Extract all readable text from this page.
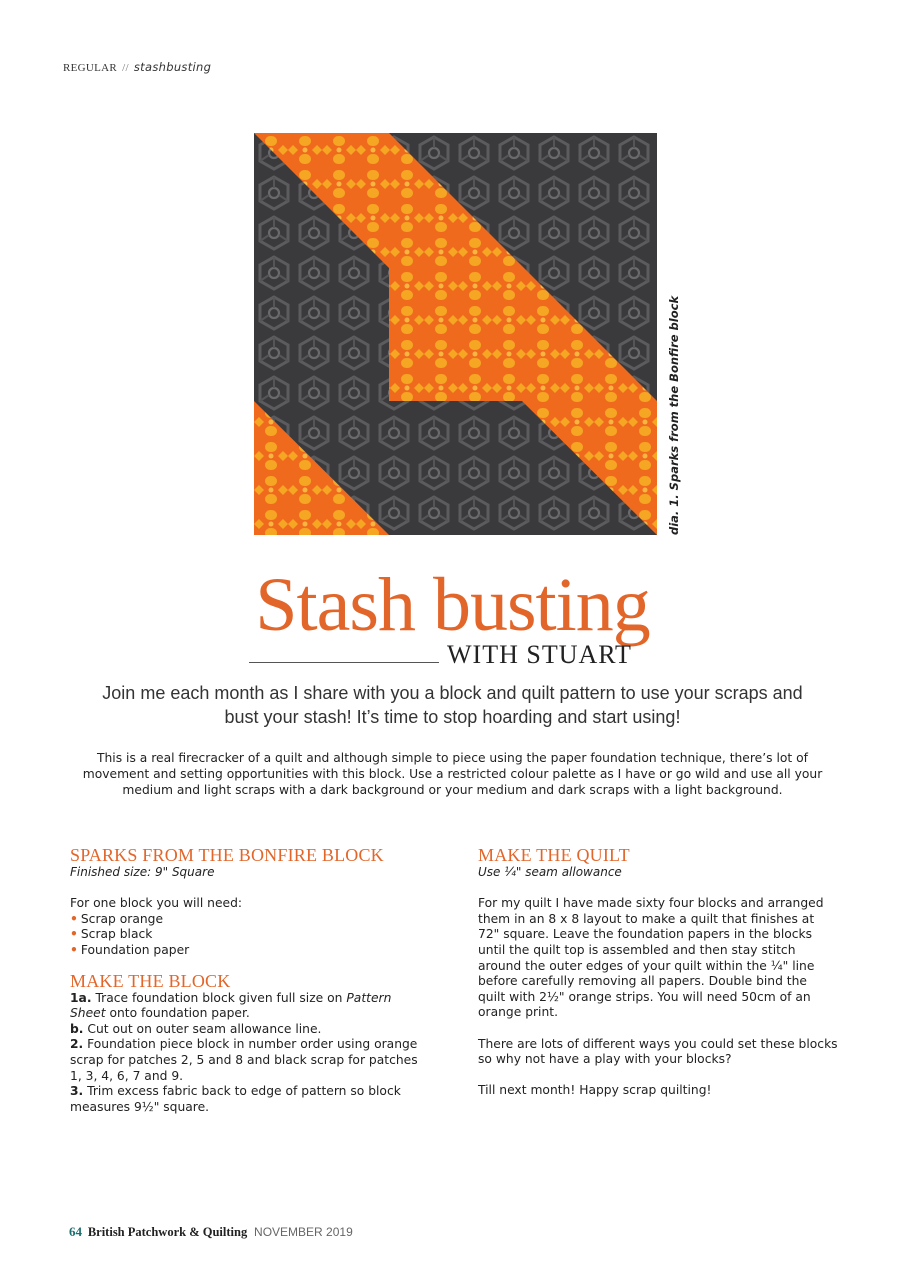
REGULAR // stashbusting
dia. 1. Sparks from the Bonfire block
Stash busting
WITH STUART
Join me each month as I share with you a block and quilt pattern to use your scraps and bust your stash! It’s time to stop hoarding and start using!
This is a real firecracker of a quilt and although simple to piece using the paper foundation technique, there’s lot of movement and setting opportunities with this block. Use a restricted colour palette as I have or go wild and use all your medium and light scraps with a dark background or your medium and dark scraps with a light background.
SPARKS FROM THE BONFIRE BLOCK
Finished size: 9" Square
For one block you will need:
• Scrap orange
• Scrap black
• Foundation paper
MAKE THE BLOCK
1a. Trace foundation block given full size on Pattern Sheet onto foundation paper.
b. Cut out on outer seam allowance line.
2. Foundation piece block in number order using orange scrap for patches 2, 5 and 8 and black scrap for patches 1, 3, 4, 6, 7 and 9.
3. Trim excess fabric back to edge of pattern so block measures 9½" square.
MAKE THE QUILT
Use ¼" seam allowance

For my quilt I have made sixty four blocks and arranged them in an 8 x 8 layout to make a quilt that finishes at 72" square. Leave the foundation papers in the blocks until the quilt top is assembled and then stay stitch around the outer edges of your quilt within the ¼" line before carefully removing all papers. Double bind the quilt with 2½" orange strips. You will need 50cm of an orange print.

There are lots of different ways you could set these blocks so why not have a play with your blocks?

Till next month! Happy scrap quilting!

64 British Patchwork & Quilting NOVEMBER 2019
